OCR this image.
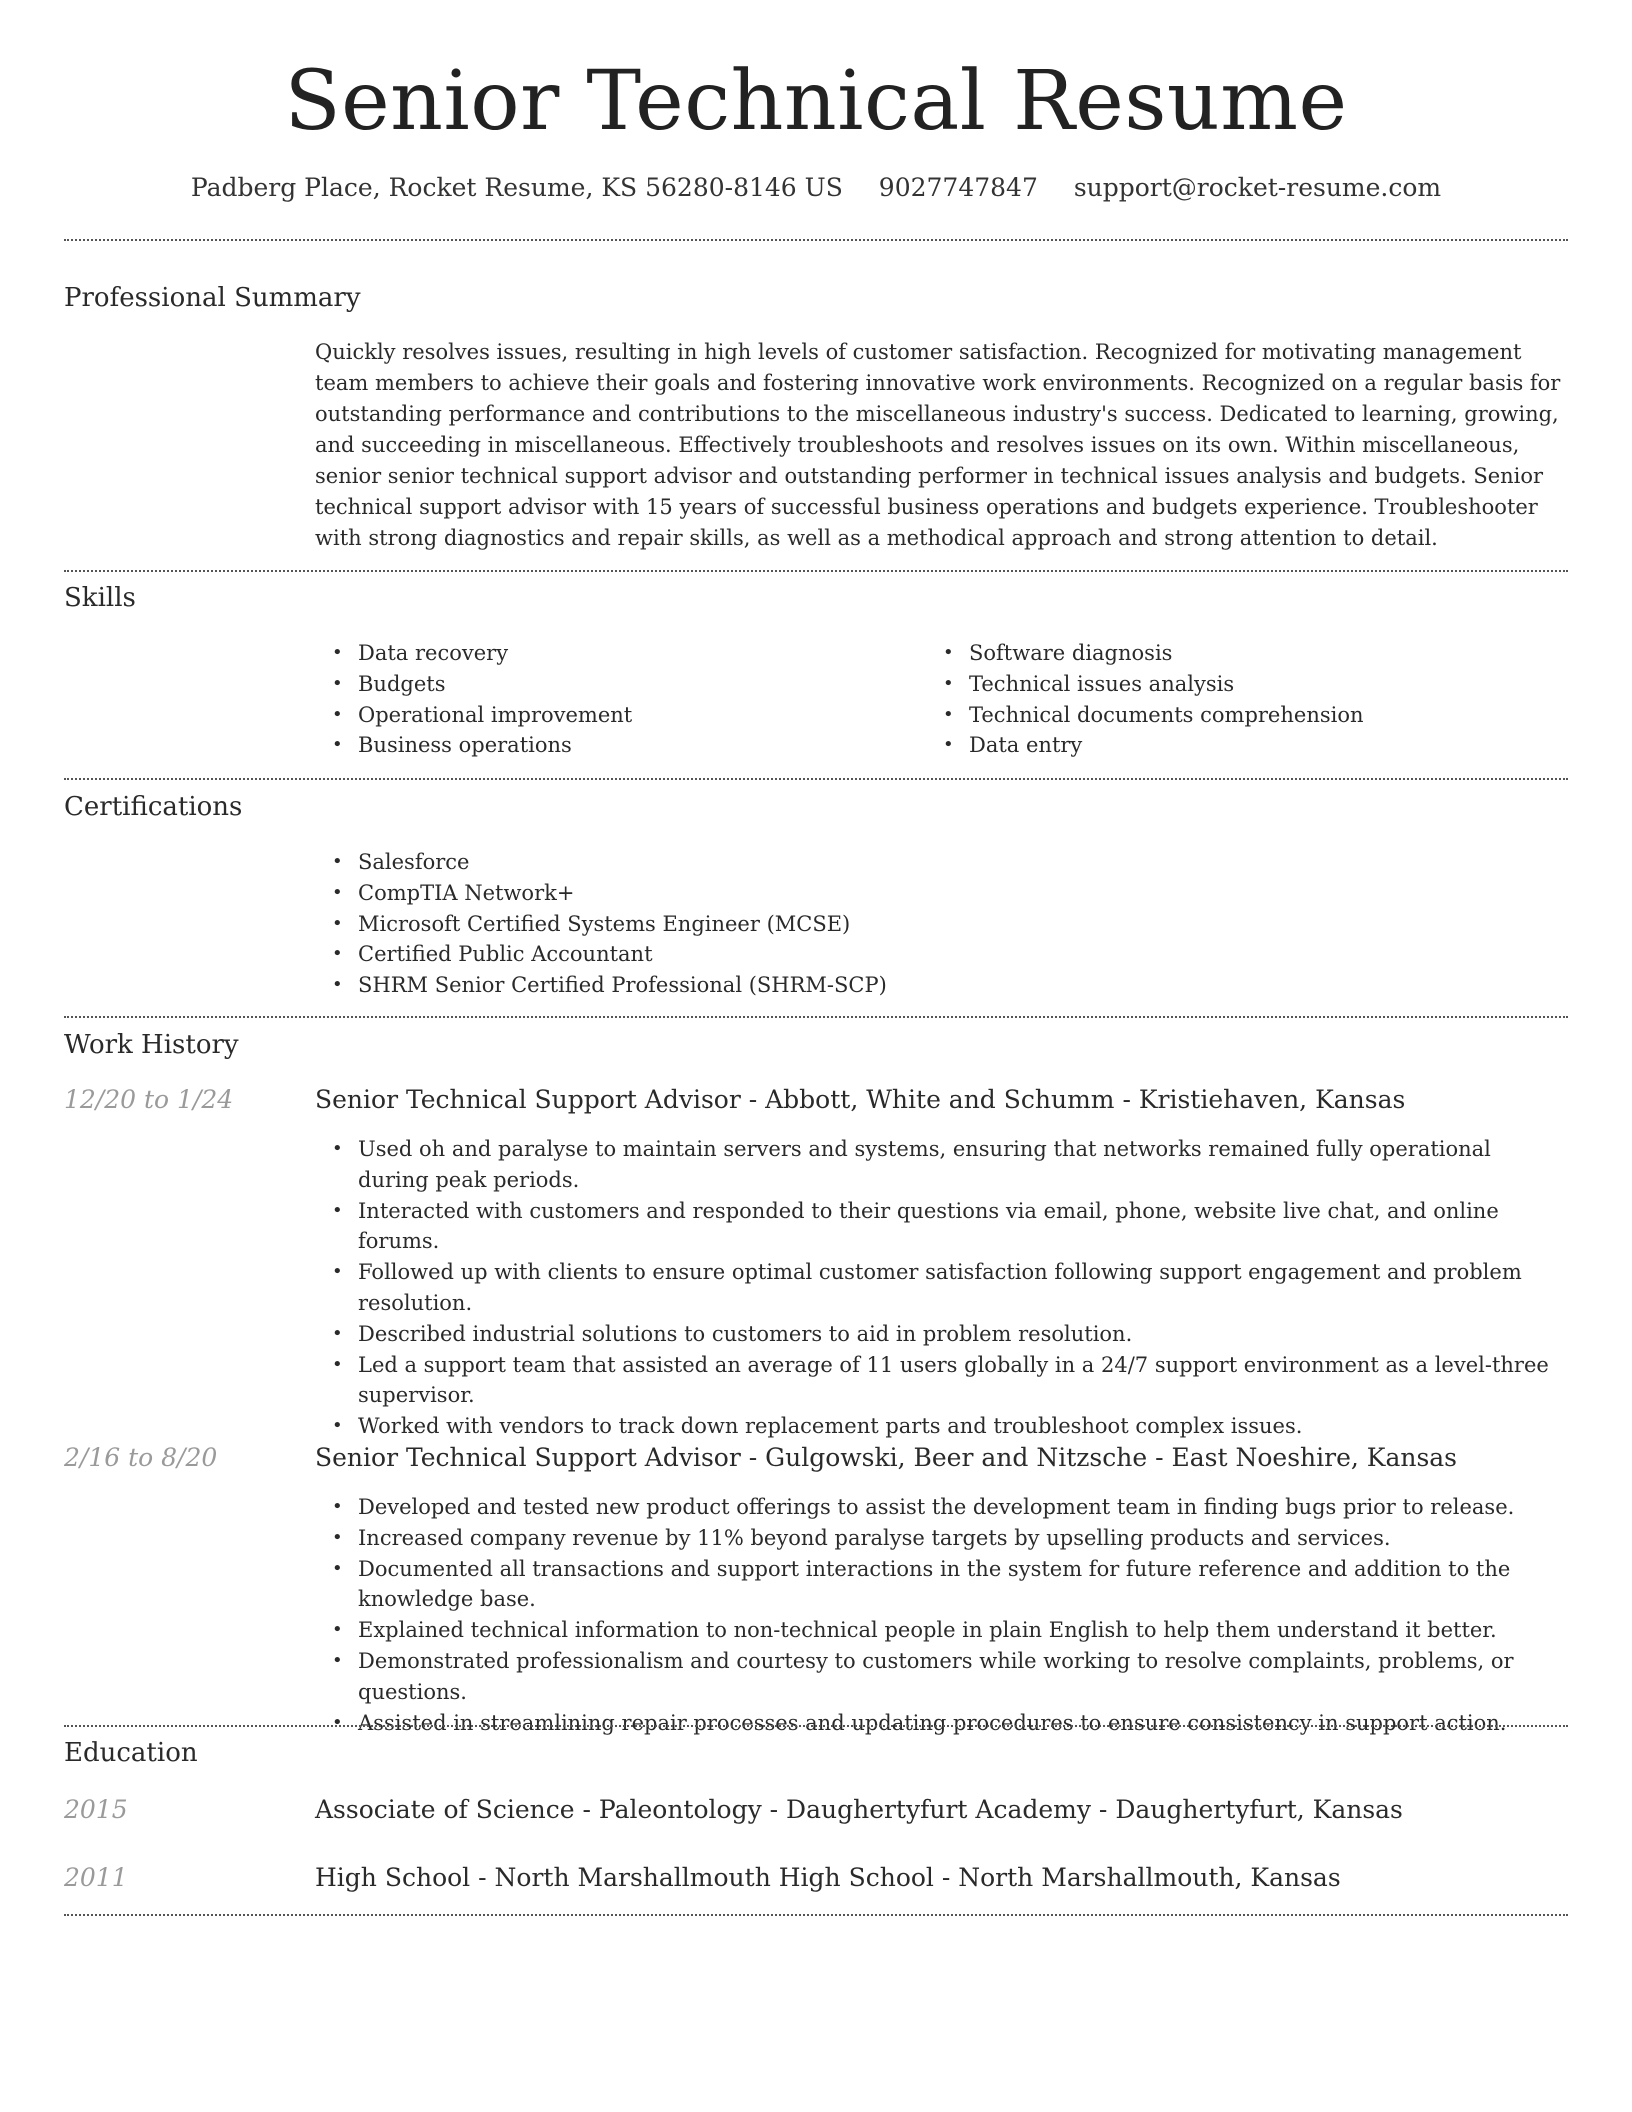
Senior Technical Resume
Padberg Place, Rocket Resume, KS 56280-8146 US 9027747847 support@rocket-resume.com
Professional Summary
Quickly resolves issues, resulting in high levels of customer satisfaction. Recognized for motivating management team members to achieve their goals and fostering innovative work environments. Recognized on a regular basis for outstanding performance and contributions to the miscellaneous industry's success. Dedicated to learning, growing, and succeeding in miscellaneous. Effectively troubleshoots and resolves issues on its own. Within miscellaneous, senior senior technical support advisor and outstanding performer in technical issues analysis and budgets. Senior technical support advisor with 15 years of successful business operations and budgets experience. Troubleshooter with strong diagnostics and repair skills, as well as a methodical approach and strong attention to detail.
Skills
• Data recovery
• Budgets
• Operational improvement
• Business operations
• Software diagnosis
• Technical issues analysis
• Technical documents comprehension
• Data entry
Certifications
• Salesforce
• CompTIA Network+
• Microsoft Certified Systems Engineer (MCSE)
• Certified Public Accountant
• SHRM Senior Certified Professional (SHRM-SCP)
Work History
12/20 to 1/24	Senior Technical Support Advisor - Abbott, White and Schumm - Kristiehaven, Kansas
• Used oh and paralyse to maintain servers and systems, ensuring that networks remained fully operational during peak periods.
• Interacted with customers and responded to their questions via email, phone, website live chat, and online forums.
• Followed up with clients to ensure optimal customer satisfaction following support engagement and problem resolution.
• Described industrial solutions to customers to aid in problem resolution.
• Led a support team that assisted an average of 11 users globally in a 24/7 support environment as a level-three supervisor.
• Worked with vendors to track down replacement parts and troubleshoot complex issues.
2/16 to 8/20	Senior Technical Support Advisor - Gulgowski, Beer and Nitzsche - East Noeshire, Kansas
• Developed and tested new product offerings to assist the development team in finding bugs prior to release.
• Increased company revenue by 11% beyond paralyse targets by upselling products and services.
• Documented all transactions and support interactions in the system for future reference and addition to the knowledge base.
• Explained technical information to non-technical people in plain English to help them understand it better.
• Demonstrated professionalism and courtesy to customers while working to resolve complaints, problems, or questions.
• Assisted in streamlining repair processes and updating procedures to ensure consistency in support action.
Education
2015	Associate of Science - Paleontology - Daughertyfurt Academy - Daughertyfurt, Kansas
2011	High School - North Marshallmouth High School - North Marshallmouth, Kansas
